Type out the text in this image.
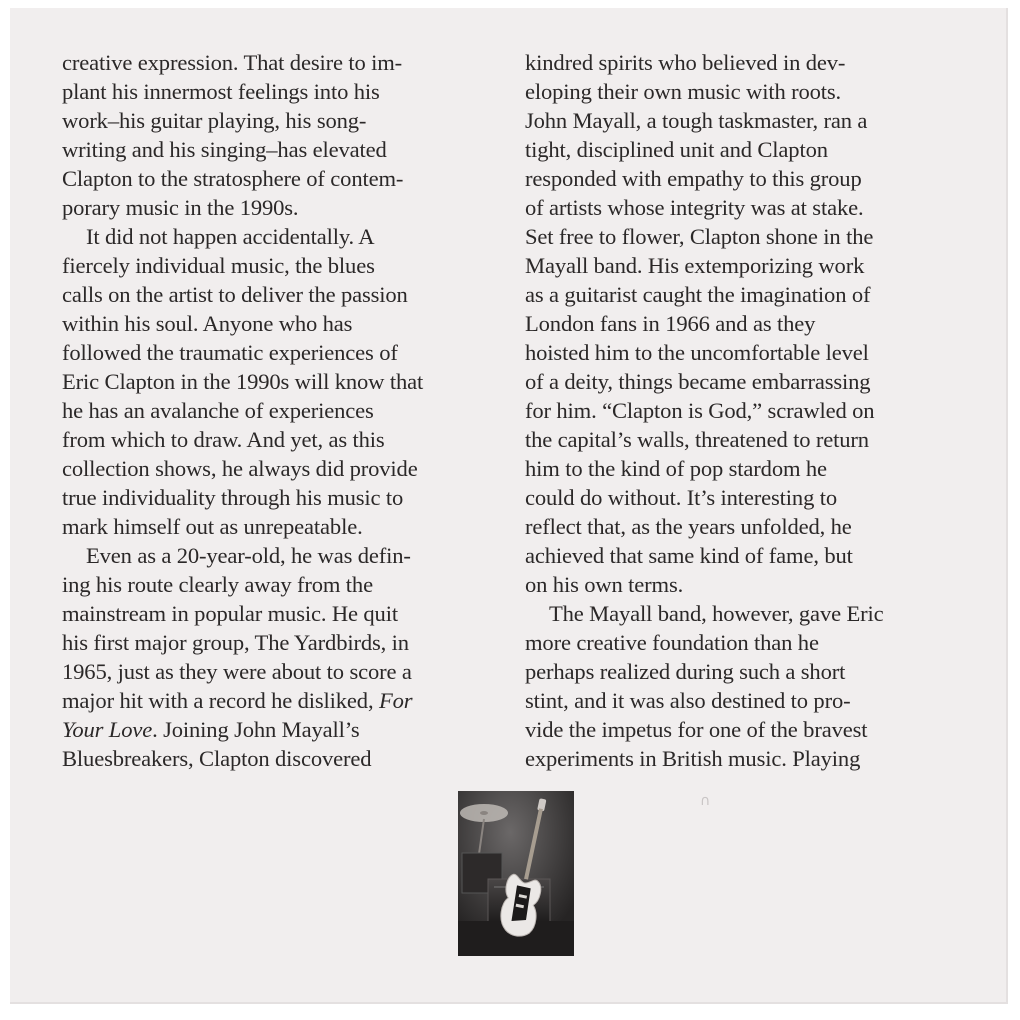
creative expression. That desire to im-
plant his innermost feelings into his
work–his guitar playing, his song-
writing and his singing–has elevated
Clapton to the stratosphere of contem-
porary music in the 1990s.
It did not happen accidentally. A
fiercely individual music, the blues
calls on the artist to deliver the passion
within his soul. Anyone who has
followed the traumatic experiences of
Eric Clapton in the 1990s will know that
he has an avalanche of experiences
from which to draw. And yet, as this
collection shows, he always did provide
true individuality through his music to
mark himself out as unrepeatable.
Even as a 20-year-old, he was defin-
ing his route clearly away from the
mainstream in popular music. He quit
his first major group, The Yardbirds, in
1965, just as they were about to score a
major hit with a record he disliked, For
Your Love. Joining John Mayall’s
Bluesbreakers, Clapton discovered
kindred spirits who believed in dev-
eloping their own music with roots.
John Mayall, a tough taskmaster, ran a
tight, disciplined unit and Clapton
responded with empathy to this group
of artists whose integrity was at stake.
Set free to flower, Clapton shone in the
Mayall band. His extemporizing work
as a guitarist caught the imagination of
London fans in 1966 and as they
hoisted him to the uncomfortable level
of a deity, things became embarrassing
for him. “Clapton is God,” scrawled on
the capital’s walls, threatened to return
him to the kind of pop stardom he
could do without. It’s interesting to
reflect that, as the years unfolded, he
achieved that same kind of fame, but
on his own terms.
The Mayall band, however, gave Eric
more creative foundation than he
perhaps realized during such a short
stint, and it was also destined to pro-
vide the impetus for one of the bravest
experiments in British music. Playing
∩
